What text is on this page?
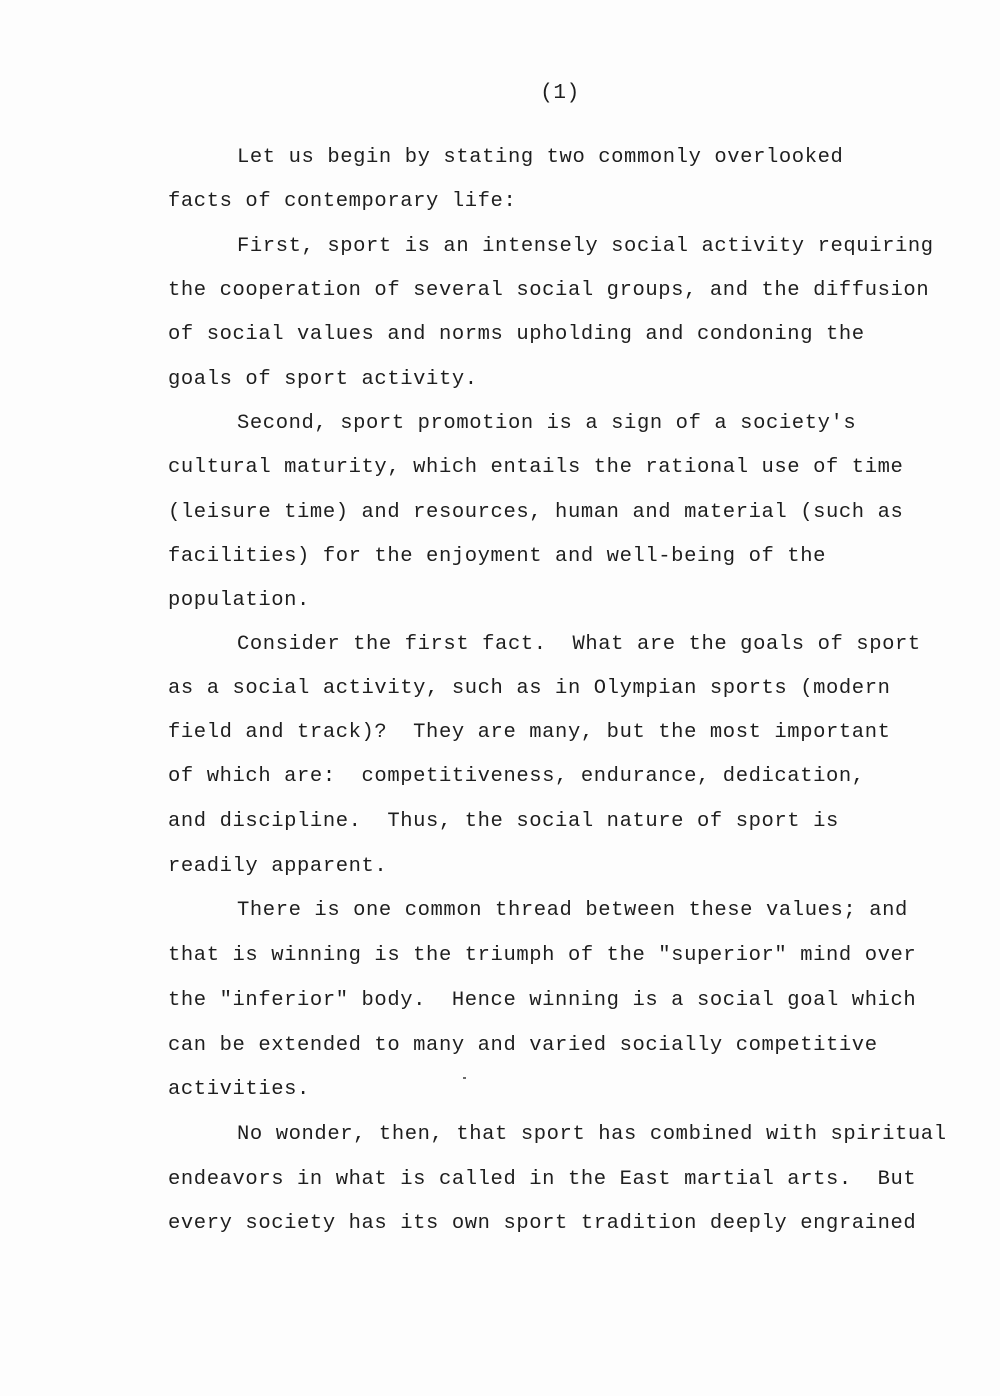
(1)
Let us begin by stating two commonly overlooked
facts of contemporary life:
First, sport is an intensely social activity requiring
the cooperation of several social groups, and the diffusion
of social values and norms upholding and condoning the
goals of sport activity.
Second, sport promotion is a sign of a society's
cultural maturity, which entails the rational use of time
(leisure time) and resources, human and material (such as
facilities) for the enjoyment and well-being of the
population.
Consider the first fact.  What are the goals of sport
as a social activity, such as in Olympian sports (modern
field and track)?  They are many, but the most important
of which are:  competitiveness, endurance, dedication,
and discipline.  Thus, the social nature of sport is
readily apparent.
There is one common thread between these values; and
that is winning is the triumph of the "superior" mind over
the "inferior" body.  Hence winning is a social goal which
can be extended to many and varied socially competitive
activities.
No wonder, then, that sport has combined with spiritual
endeavors in what is called in the East martial arts.  But
every society has its own sport tradition deeply engrained
